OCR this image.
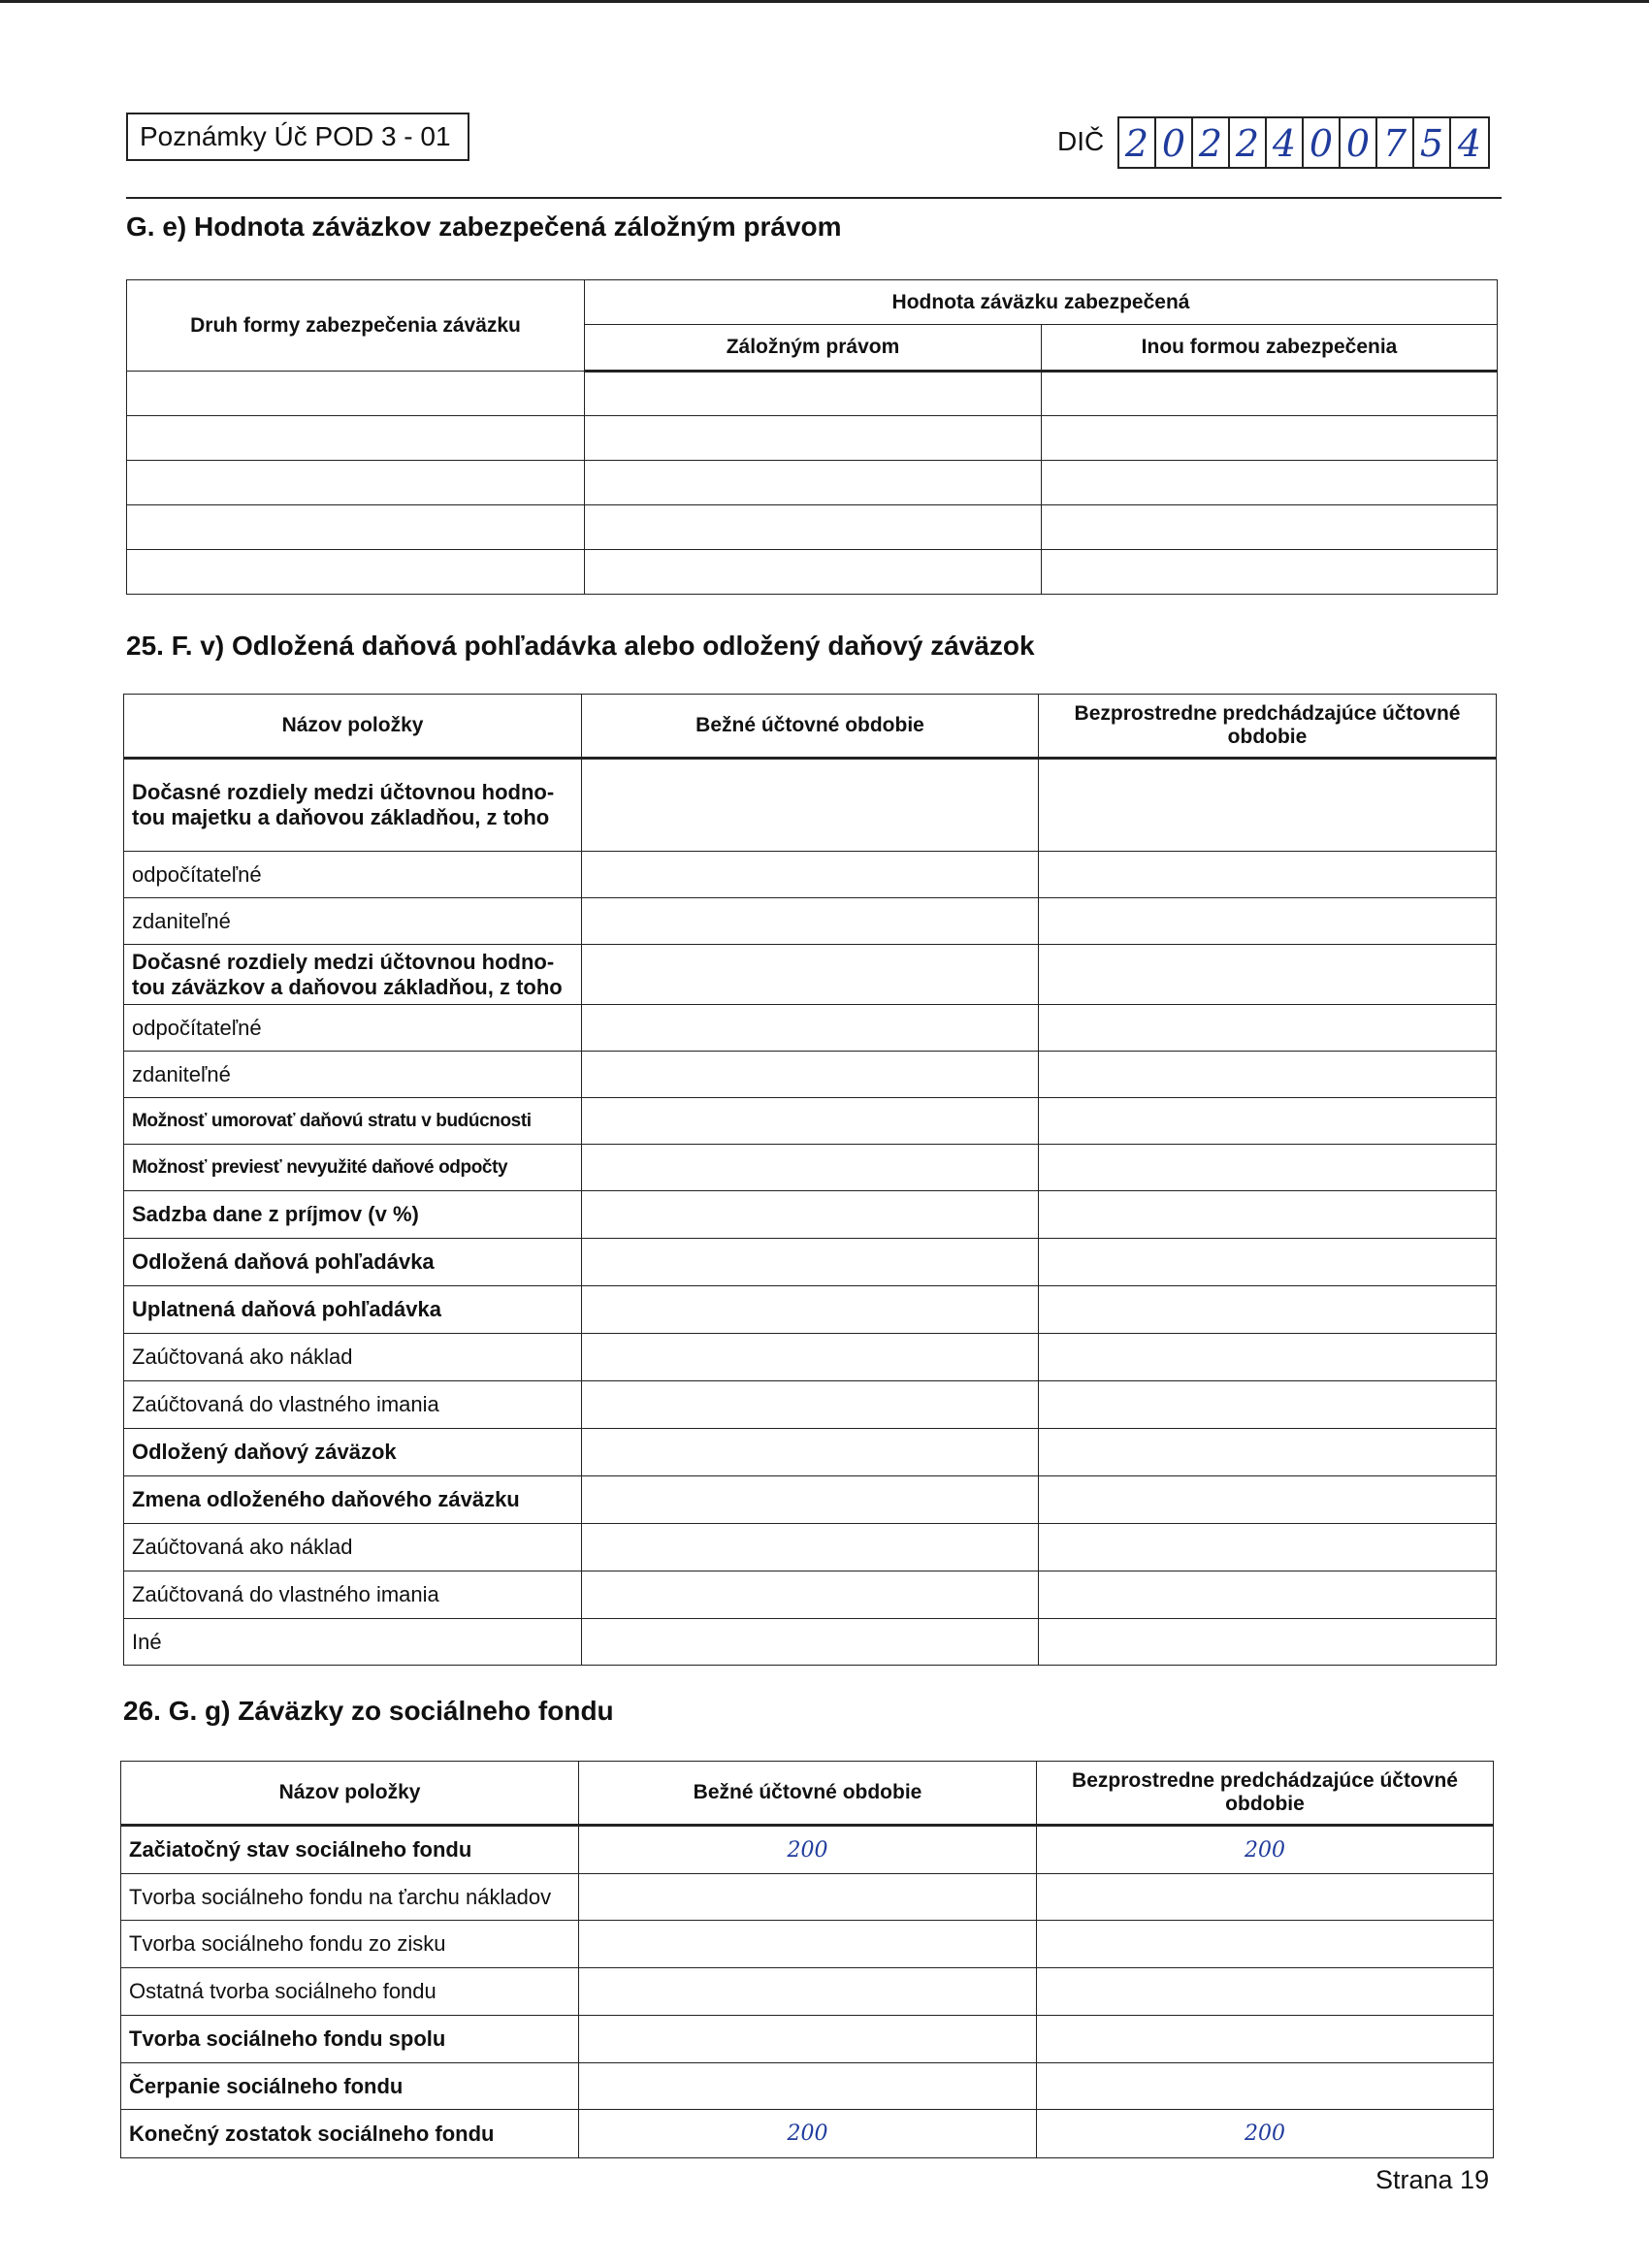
Poznámky Úč POD 3 - 01	DIČ 2 0 2 2 4 0 0 7 5 4
G. e) Hodnota záväzkov zabezpečená záložným právom
Druh formy zabezpečenia záväzku	Hodnota záväzku zabezpečená	
	Záložným právom	Inou formou zabezpečenia

25. F. v) Odložená daňová pohľadávka alebo odložený daňový záväzok
Názov položky	Bežné účtovné obdobie	Bezprostredne predchádzajúce účtovné obdobie
Dočasné rozdiely medzi účtovnou hodno-tou majetku a daňovou základňou, z toho		
odpočítateľné		
zdaniteľné		
Dočasné rozdiely medzi účtovnou hodno-tou záväzkov a daňovou základňou, z toho		
odpočítateľné		
zdaniteľné		
Možnosť umorovať daňovú stratu v budúcnosti		
Možnosť previesť nevyužité daňové odpočty		
Sadzba dane z príjmov (v %)		
Odložená daňová pohľadávka		
Uplatnená daňová pohľadávka		
Zaúčtovaná ako náklad		
Zaúčtovaná do vlastného imania		
Odložený daňový záväzok		
Zmena odloženého daňového záväzku		
Zaúčtovaná ako náklad		
Zaúčtovaná do vlastného imania		
Iné		
26. G. g) Záväzky zo sociálneho fondu
Názov položky	Bežné účtovné obdobie	Bezprostredne predchádzajúce účtovné obdobie
Začiatočný stav sociálneho fondu	200	200
Tvorba sociálneho fondu na ťarchu nákladov		
Tvorba sociálneho fondu zo zisku		
Ostatná tvorba sociálneho fondu		
Tvorba sociálneho fondu spolu		
Čerpanie sociálneho fondu		
Konečný zostatok sociálneho fondu	200	200
Strana 19
